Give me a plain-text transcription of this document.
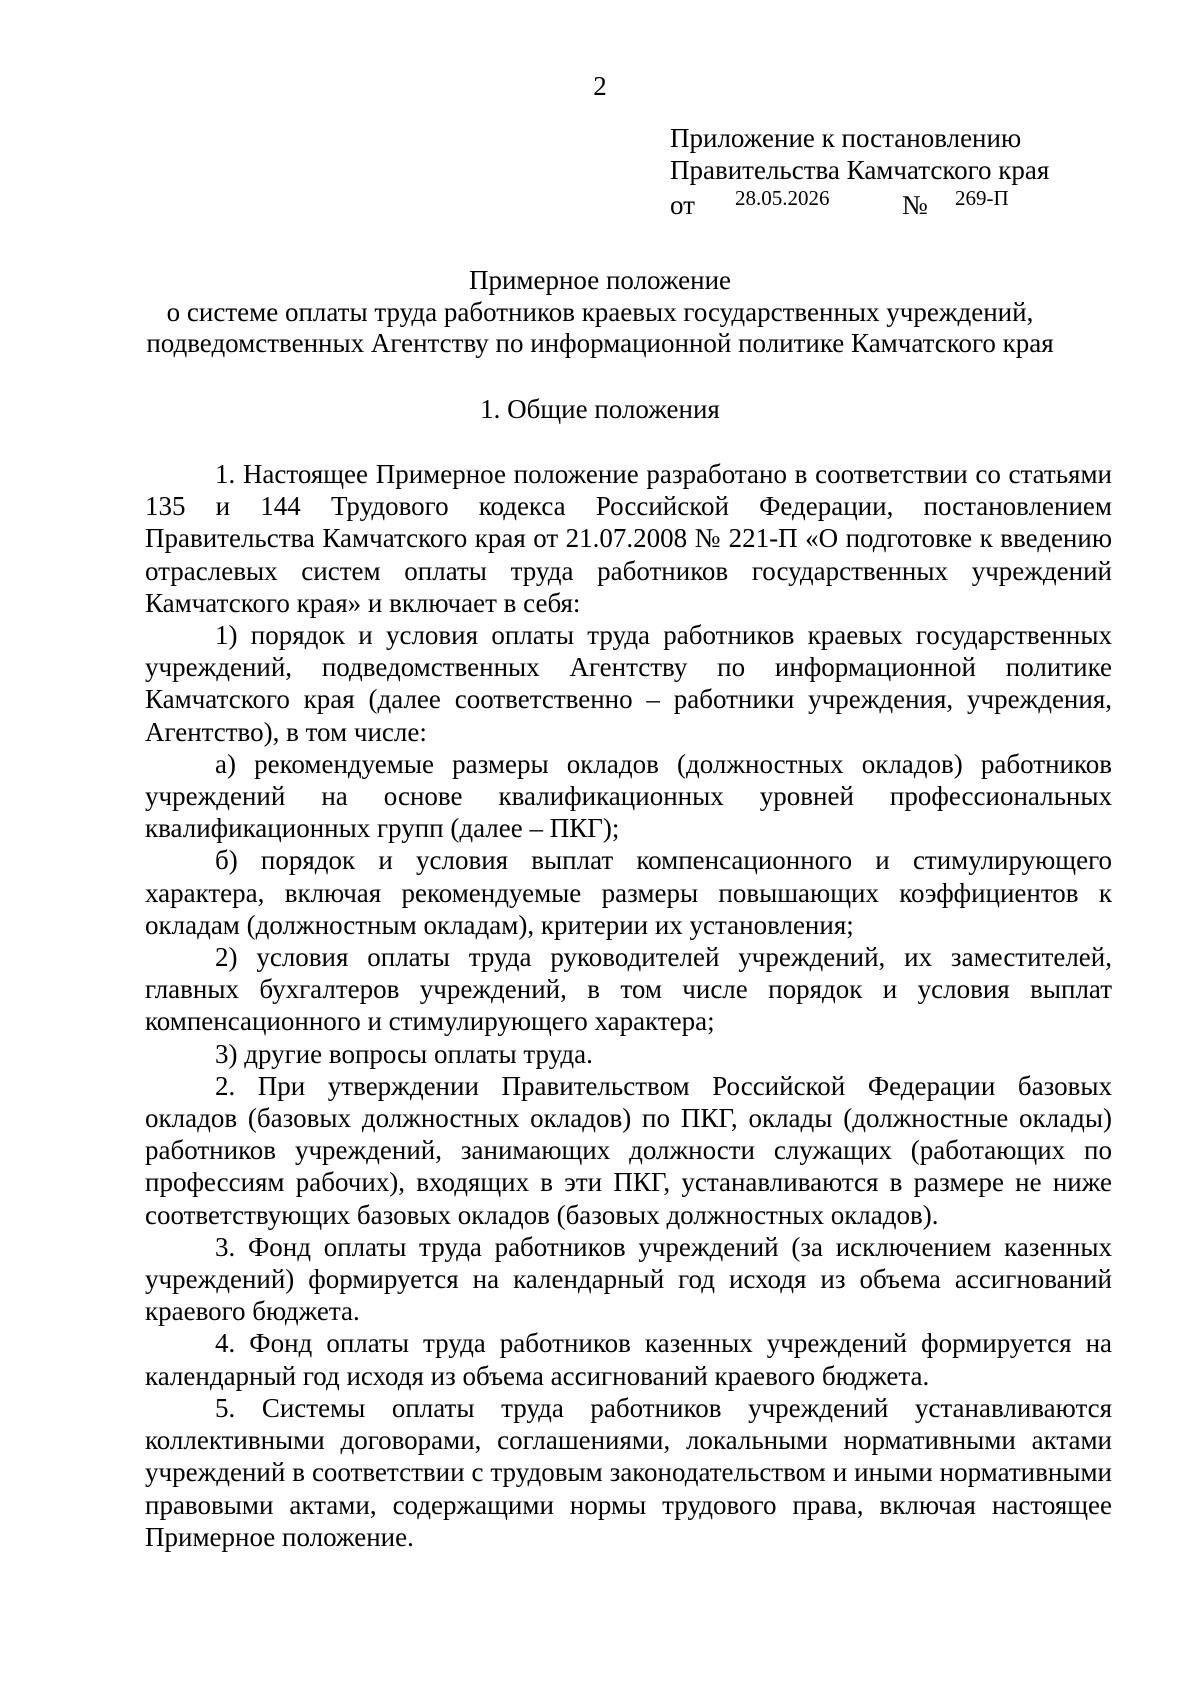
2
Приложение к постановлению
Правительства Камчатского края
от 28.05.2026	№ 269-П
Примерное положение
о системе оплаты труда работников краевых государственных учреждений,
подведомственных Агентству по информационной политике Камчатского края
1. Общие положения

1. Настоящее Примерное положение разработано в соответствии со статьями 135 и 144 Трудового кодекса Российской Федерации, постановлением Правительства Камчатского края от 21.07.2008 № 221-П «О подготовке к введению отраслевых систем оплаты труда работников государственных учреждений Камчатского края» и включает в себя:

1) порядок и условия оплаты труда работников краевых государственных учреждений, подведомственных Агентству по информационной политике Камчатского края (далее соответственно – работники учреждения, учреждения, Агентство), в том числе:

а) рекомендуемые размеры окладов (должностных окладов) работников учреждений на основе квалификационных уровней профессиональных квалификационных групп (далее – ПКГ);

б) порядок и условия выплат компенсационного и стимулирующего характера, включая рекомендуемые размеры повышающих коэффициентов к окладам (должностным окладам), критерии их установления;

2) условия оплаты труда руководителей учреждений, их заместителей, главных бухгалтеров учреждений, в том числе порядок и условия выплат компенсационного и стимулирующего характера;

3) другие вопросы оплаты труда.

2. При утверждении Правительством Российской Федерации базовых окладов (базовых должностных окладов) по ПКГ, оклады (должностные оклады) работников учреждений, занимающих должности служащих (работающих по профессиям рабочих), входящих в эти ПКГ, устанавливаются в размере не ниже соответствующих базовых окладов (базовых должностных окладов).

3. Фонд оплаты труда работников учреждений (за исключением казенных учреждений) формируется на календарный год исходя из объема ассигнований краевого бюджета.

4. Фонд оплаты труда работников казенных учреждений формируется на календарный год исходя из объема ассигнований краевого бюджета.

5. Системы оплаты труда работников учреждений устанавливаются коллективными договорами, соглашениями, локальными нормативными актами учреждений в соответствии с трудовым законодательством и иными нормативными правовыми актами, содержащими нормы трудового права, включая настоящее Примерное положение.
